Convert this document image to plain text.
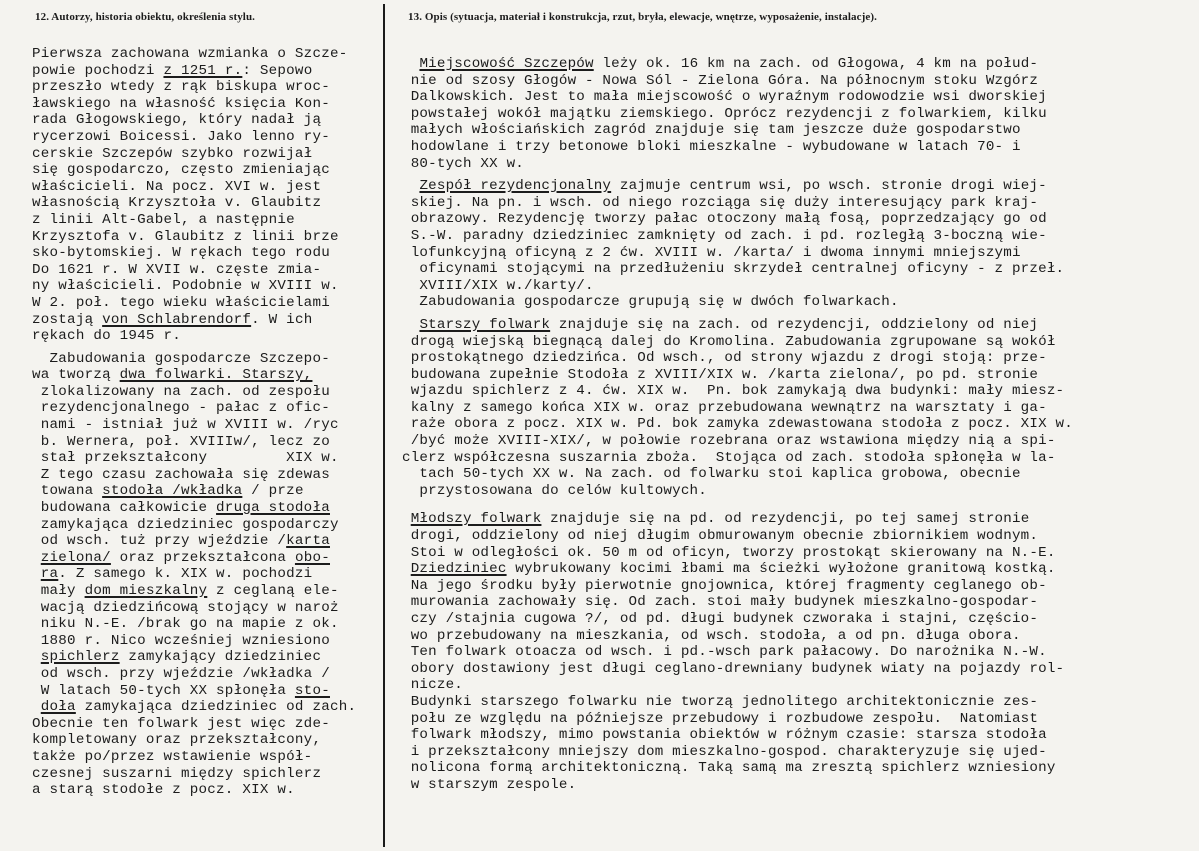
12. Autorzy, historia obiektu, określenia stylu.	13. Opis (sytuacja, materiał i konstrukcja, rzut, bryła, elewacje, wnętrze, wyposażenie, instalacje).
Pierwsza zachowana wzmianka o Szcze-
powie pochodzi z 1251 r.: Sepowo
przeszło wtedy z rąk biskupa wroc-
ławskiego na własność księcia Kon-
rada Głogowskiego, który nadał ją
rycerzowi Boicessi. Jako lenno ry-
cerskie Szczepów szybko rozwijał
się gospodarczo, często zmieniając
właścicieli. Na pocz. XVI w. jest
własnością Krzysztoła v. Glaubitz
z linii Alt-Gabel, a następnie
Krzysztofa v. Glaubitz z linii brze
sko-bytomskiej. W rękach tego rodu
Do 1621 r. W XVII w. częste zmia-
ny właścicieli. Podobnie w XVIII w.
W 2. poł. tego wieku właścicielami
zostają von Schlabrendorf. W ich
rękach do 1945 r.
Zabudowania gospodarcze Szczepo-
wa tworzą dwa folwarki. Starszy,
zlokalizowany na zach. od zespołu
rezydencjonalnego - pałac z ofic-
nami - istniał już w XVIII w. /ryc
b. Wernera, poł. XVIIIw/, lecz zo
stał przekształcony         XIX w.
Z tego czasu zachowała się zdewas
towana stodoła /wkładka / prze
budowana całkowicie druga stodoła
zamykająca dziedziniec gospodarczy
od wsch. tuż przy wjeździe /karta
zielona/ oraz przekształcona obo-
ra. Z samego k. XIX w. pochodzi
mały dom mieszkalny z ceglaną ele-
wacją dziedzińcową stojący w naroż
niku N.-E. /brak go na mapie z ok.
1880 r. Nico wcześniej wzniesiono
spichlerz zamykający dziedziniec
od wsch. przy wjeździe /wkładka /
W latach 50-tych XX spłonęła sto-
doła zamykająca dziedziniec od zach.
Obecnie ten folwark jest więc zde-
kompletowany oraz przekształcony,
także po/przez wstawienie współ-
czesnej suszarni między spichlerz
a starą stodołe z pocz. XIX w.
Miejscowość Szczepów leży ok. 16 km na zach. od Głogowa, 4 km na połud-
nie od szosy Głogów - Nowa Sól - Zielona Góra. Na północnym stoku Wzgórz
Dalkowskich. Jest to mała miejscowość o wyraźnym rodowodzie wsi dworskiej
powstałej wokół majątku ziemskiego. Oprócz rezydencji z folwarkiem, kilku
małych włościańskich zagród znajduje się tam jeszcze duże gospodarstwo
hodowlane i trzy betonowe bloki mieszkalne - wybudowane w latach 70- i
80-tych XX w.
Zespół rezydencjonalny zajmuje centrum wsi, po wsch. stronie drogi wiej-
skiej. Na pn. i wsch. od niego rozciąga się duży interesujący park kraj-
obrazowy. Rezydencję tworzy pałac otoczony małą fosą, poprzedzający go od
S.-W. paradny dziedziniec zamknięty od zach. i pd. rozległą 3-boczną wie-
lofunkcyjną oficyną z 2 ćw. XVIII w. /karta/ i dwoma innymi mniejszymi
oficynami stojącymi na przedłużeniu skrzydeł centralnej oficyny - z przeł.
XVIII/XIX w./karty/.
Zabudowania gospodarcze grupują się w dwóch folwarkach.
Starszy folwark znajduje się na zach. od rezydencji, oddzielony od niej
drogą wiejską biegnącą dalej do Kromolina. Zabudowania zgrupowane są wokół
prostokątnego dziedzińca. Od wsch., od strony wjazdu z drogi stoją: prze-
budowana zupełnie Stodoła z XVIII/XIX w. /karta zielona/, po pd. stronie
wjazdu spichlerz z 4. ćw. XIX w.  Pn. bok zamykają dwa budynki: mały miesz-
kalny z samego końca XIX w. oraz przebudowana wewnątrz na warsztaty i ga-
raże obora z pocz. XIX w. Pd. bok zamyka zdewastowana stodoła z pocz. XIX w.
/być może XVIII-XIX/, w połowie rozebrana oraz wstawiona między nią a spi-
clerz współczesna suszarnia zboża.  Stojąca od zach. stodoła spłonęła w la-
tach 50-tych XX w. Na zach. od folwarku stoi kaplica grobowa, obecnie
przystosowana do celów kultowych.
Młodszy folwark znajduje się na pd. od rezydencji, po tej samej stronie
drogi, oddzielony od niej długim obmurowanym obecnie zbiornikiem wodnym.
Stoi w odległości ok. 50 m od oficyn, tworzy prostokąt skierowany na N.-E.
Dziedziniec wybrukowany kocimi łbami ma ścieżki wyłożone granitową kostką.
Na jego środku były pierwotnie gnojownica, której fragmenty ceglanego ob-
murowania zachowały się. Od zach. stoi mały budynek mieszkalno-gospodar-
czy /stajnia cugowa ?/, od pd. długi budynek czworaka i stajni, częścio-
wo przebudowany na mieszkania, od wsch. stodoła, a od pn. długa obora.
Ten folwark otoacza od wsch. i pd.-wsch park pałacowy. Do narożnika N.-W.
obory dostawiony jest długi ceglano-drewniany budynek wiaty na pojazdy rol-
nicze.
Budynki starszego folwarku nie tworzą jednolitego architektonicznie zes-
połu ze względu na późniejsze przebudowy i rozbudowe zespołu.  Natomiast
folwark młodszy, mimo powstania obiektów w różnym czasie: starsza stodoła
i przekształcony mniejszy dom mieszkalno-gospod. charakteryzuje się ujed-
nolicona formą architektoniczną. Taką samą ma zresztą spichlerz wzniesiony
w starszym zespole.
